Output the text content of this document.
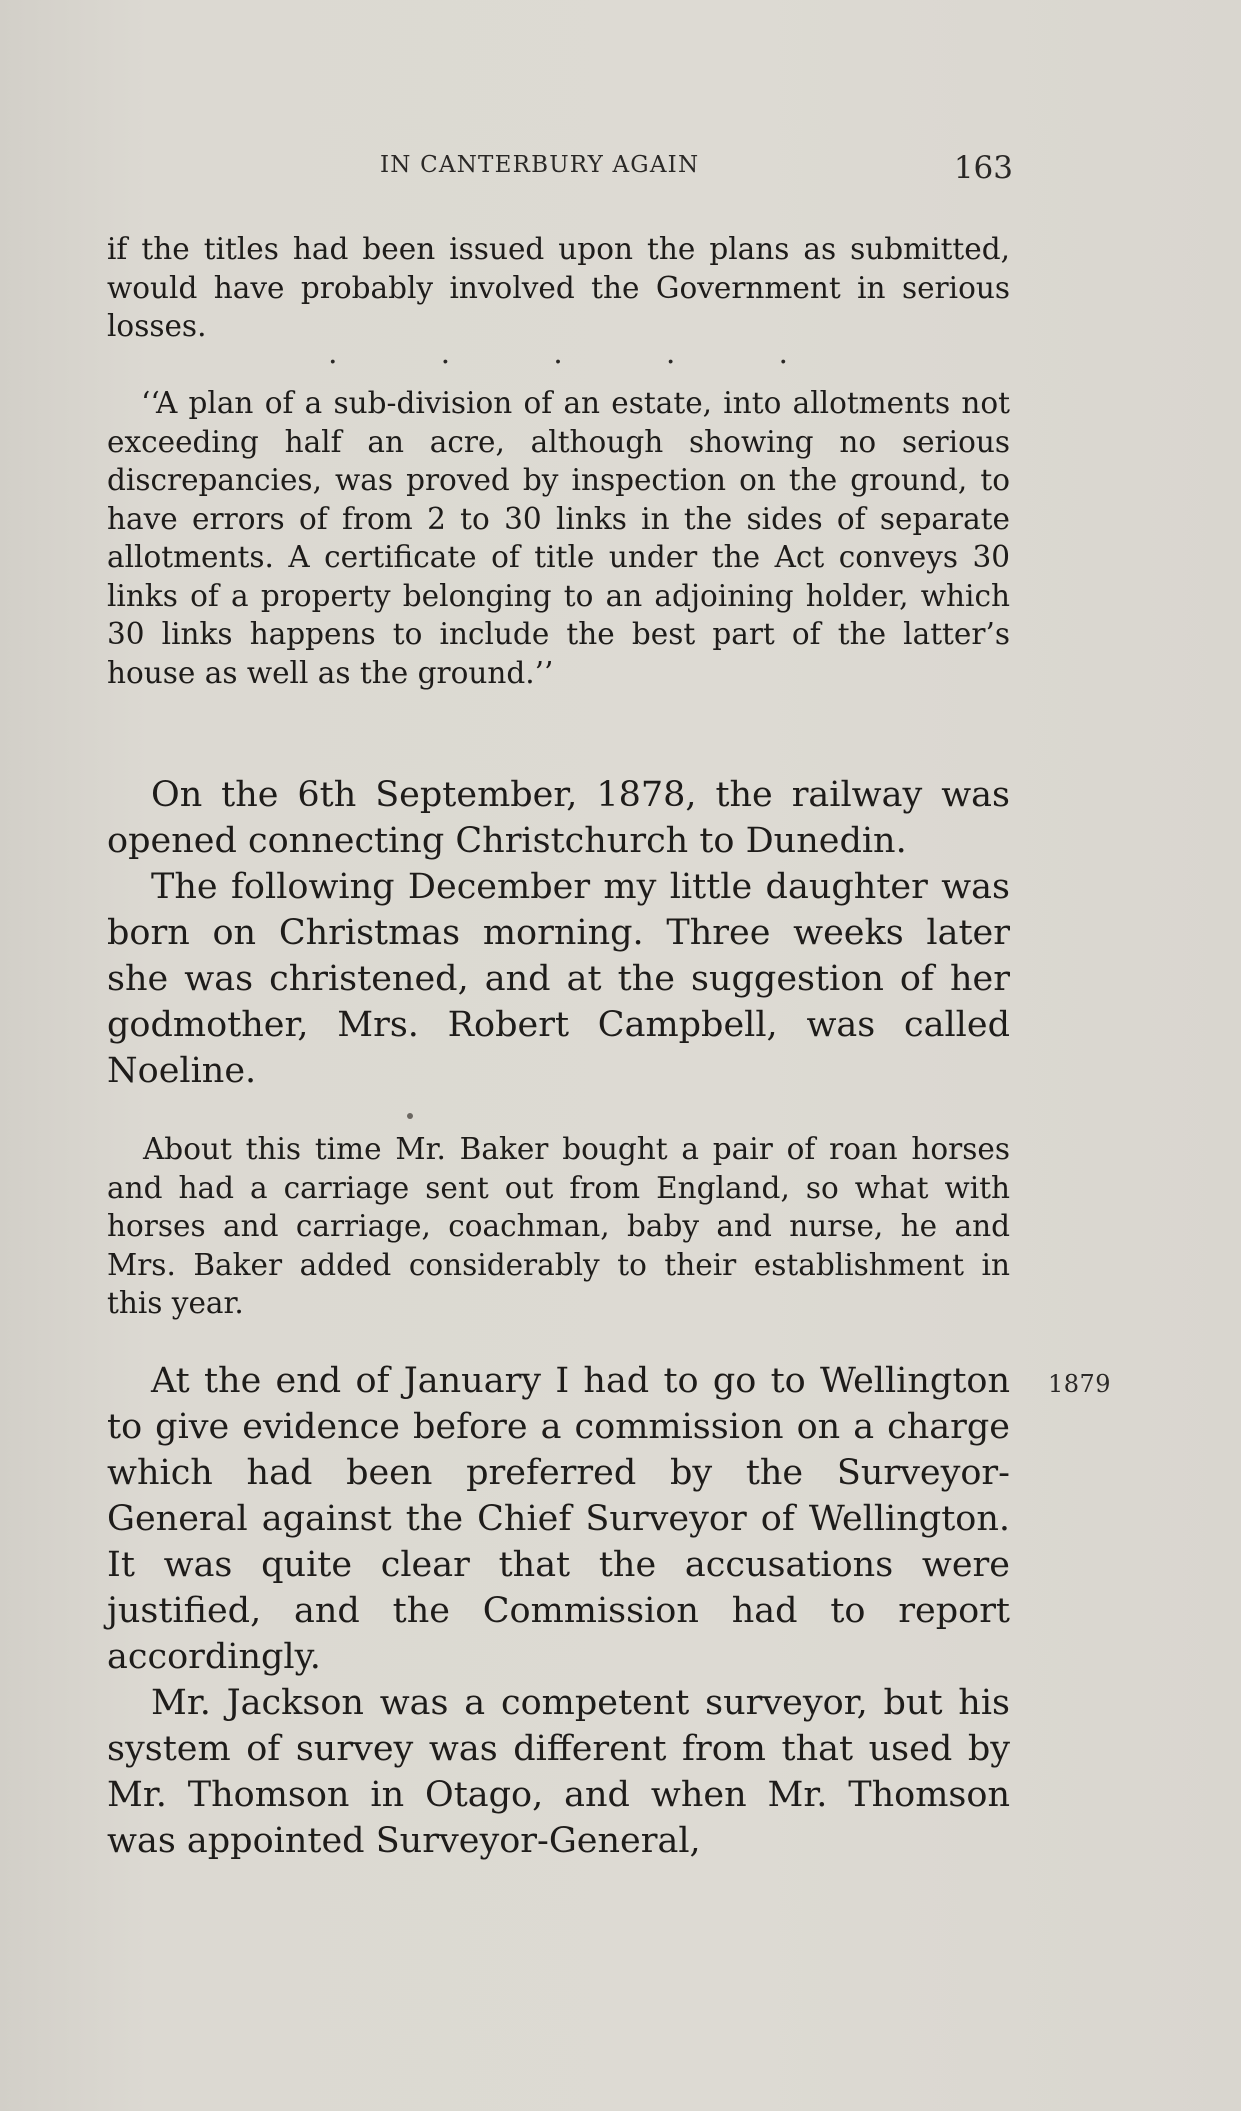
IN CANTERBURY AGAIN	163

if the titles had been issued upon the plans as submitted, would have probably involved the Government in serious losses.

.	.	.	.	.

‘‘A plan of a sub-division of an estate, into allotments not exceeding half an acre, although showing no serious discrepancies, was proved by inspection on the ground, to have errors of from 2 to 30 links in the sides of separate allotments. A certificate of title under the Act conveys 30 links of a property belonging to an adjoining holder, which 30 links happens to include the best part of the latter’s house as well as the ground.’’

On the 6th September, 1878, the railway was opened connecting Christchurch to Dunedin.

The following December my little daughter was born on Christmas morning. Three weeks later she was christened, and at the suggestion of her godmother, Mrs. Robert Campbell, was called Noeline.

About this time Mr. Baker bought a pair of roan horses and had a carriage sent out from England, so what with horses and carriage, coachman, baby and nurse, he and Mrs. Baker added considerably to their establishment in this year.

1879

At the end of January I had to go to Wellington to give evidence before a commission on a charge which had been preferred by the Surveyor-General against the Chief Surveyor of Wellington. It was quite clear that the accusations were justified, and the Commission had to report accordingly.

Mr. Jackson was a competent surveyor, but his system of survey was different from that used by Mr. Thomson in Otago, and when Mr. Thomson was appointed Surveyor-General,
